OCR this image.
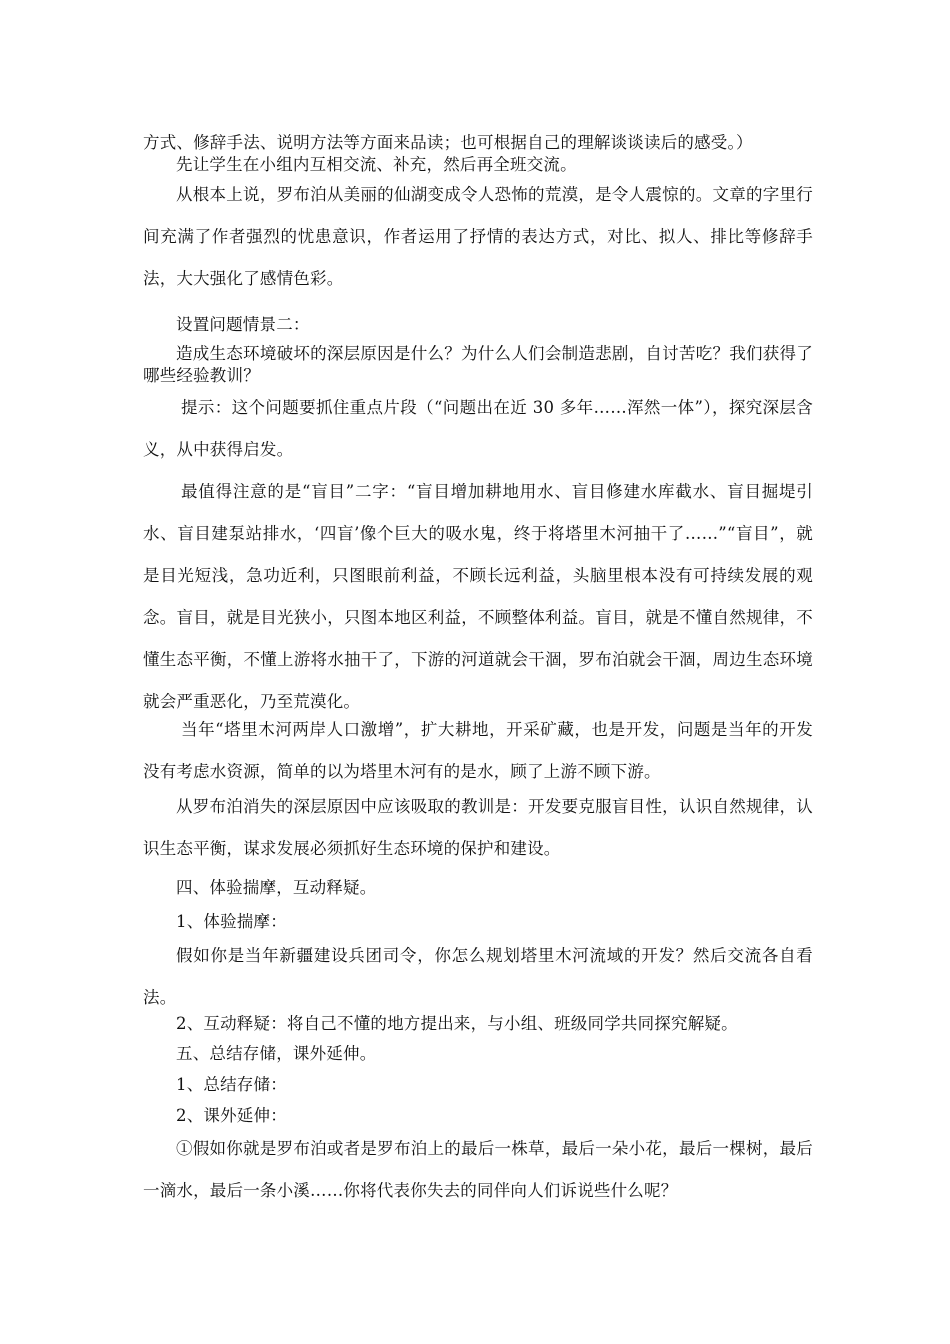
方式、修辞手法、说明方法等方面来品读；也可根据自己的理解谈谈读后的感受。）

先让学生在小组内互相交流、补充，然后再全班交流。

从根本上说，罗布泊从美丽的仙湖变成令人恐怖的荒漠，是令人震惊的。文章的字里行间充满了作者强烈的忧患意识，作者运用了抒情的表达方式，对比、拟人、排比等修辞手法，大大强化了感情色彩。

设置问题情景二：

造成生态环境破坏的深层原因是什么？为什么人们会制造悲剧，自讨苦吃？我们获得了哪些经验教训？

提示：这个问题要抓住重点片段（“问题出在近 30 多年……浑然一体”），探究深层含义，从中获得启发。

最值得注意的是“盲目”二字：“盲目增加耕地用水、盲目修建水库截水、盲目掘堤引水、盲目建泵站排水，‘四盲’像个巨大的吸水鬼，终于将塔里木河抽干了……”“盲目”，就是目光短浅，急功近利，只图眼前利益，不顾长远利益，头脑里根本没有可持续发展的观念。盲目，就是目光狭小，只图本地区利益，不顾整体利益。盲目，就是不懂自然规律，不懂生态平衡，不懂上游将水抽干了，下游的河道就会干涸，罗布泊就会干涸，周边生态环境就会严重恶化，乃至荒漠化。

当年“塔里木河两岸人口激增”，扩大耕地，开采矿藏，也是开发，问题是当年的开发没有考虑水资源，简单的以为塔里木河有的是水，顾了上游不顾下游。

从罗布泊消失的深层原因中应该吸取的教训是：开发要克服盲目性，认识自然规律，认识生态平衡，谋求发展必须抓好生态环境的保护和建设。

四、体验揣摩，互动释疑。

1、体验揣摩：

假如你是当年新疆建设兵团司令，你怎么规划塔里木河流域的开发？然后交流各自看法。

2、互动释疑：将自己不懂的地方提出来，与小组、班级同学共同探究解疑。

五、总结存储，课外延伸。

1、总结存储：

2、课外延伸：

①假如你就是罗布泊或者是罗布泊上的最后一株草，最后一朵小花，最后一棵树，最后一滴水，最后一条小溪……你将代表你失去的同伴向人们诉说些什么呢？
